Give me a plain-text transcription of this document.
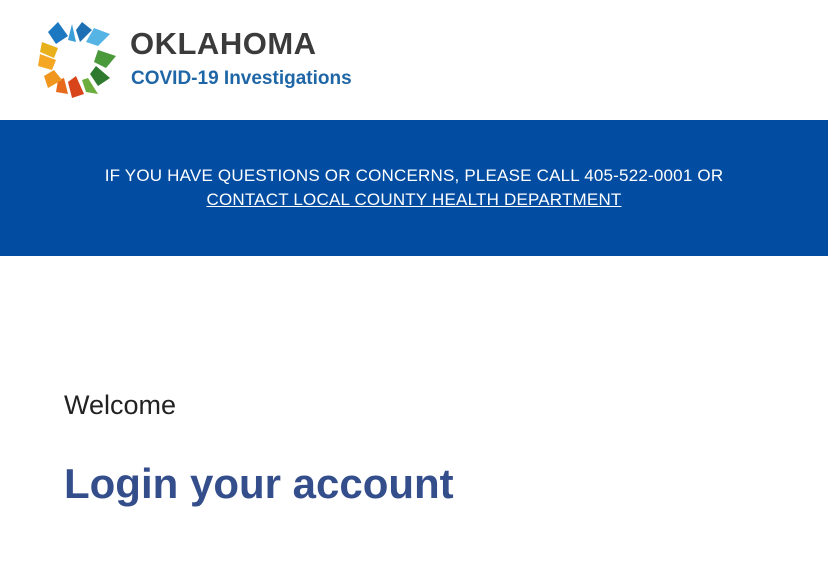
OKLAHOMA
COVID-19 Investigations
IF YOU HAVE QUESTIONS OR CONCERNS, PLEASE CALL 405-522-0001 OR
CONTACT LOCAL COUNTY HEALTH DEPARTMENT
Welcome
Login your account
